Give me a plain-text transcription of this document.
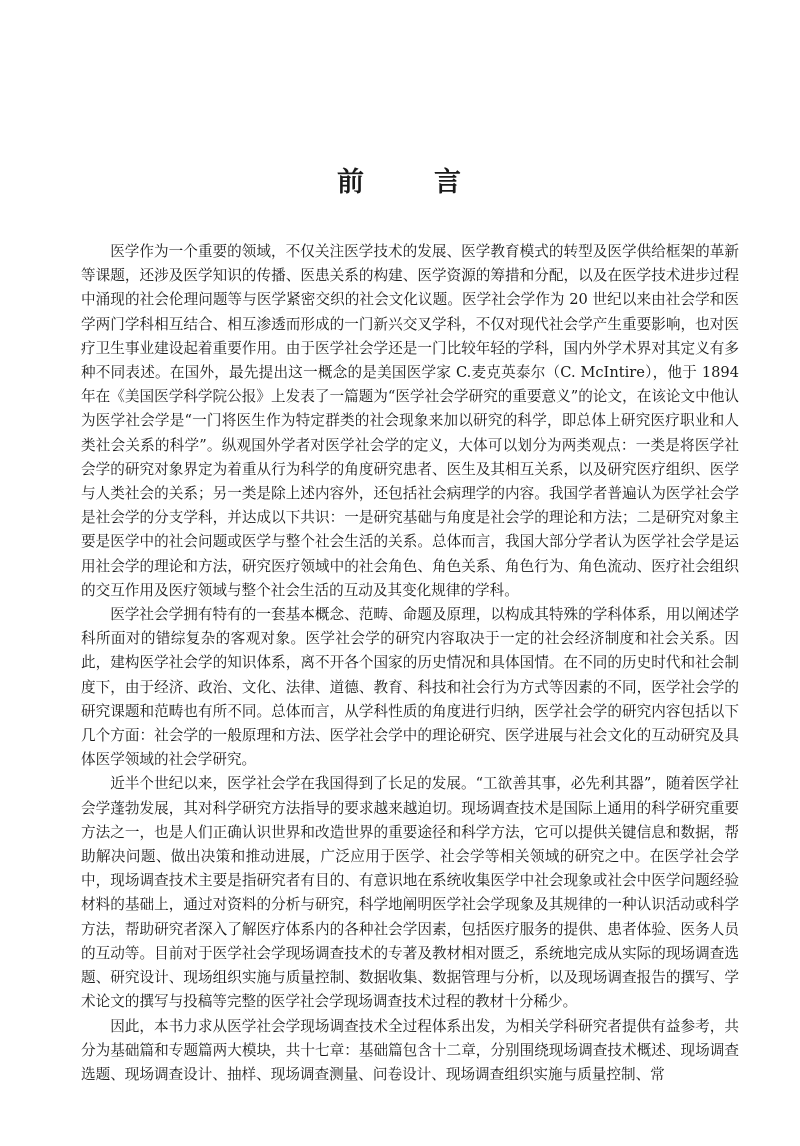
前	言

医学作为一个重要的领域，不仅关注医学技术的发展、医学教育模式的转型及医学供给框架的革新等课题，还涉及医学知识的传播、医患关系的构建、医学资源的筹措和分配，以及在医学技术进步过程中涌现的社会伦理问题等与医学紧密交织的社会文化议题。医学社会学作为 20 世纪以来由社会学和医学两门学科相互结合、相互渗透而形成的一门新兴交叉学科，不仅对现代社会学产生重要影响，也对医疗卫生事业建设起着重要作用。由于医学社会学还是一门比较年轻的学科，国内外学术界对其定义有多种不同表述。在国外，最先提出这一概念的是美国医学家 C.麦克英泰尔（C. McIntire），他于 1894 年在《美国医学科学院公报》上发表了一篇题为“医学社会学研究的重要意义”的论文，在该论文中他认为医学社会学是“一门将医生作为特定群类的社会现象来加以研究的科学，即总体上研究医疗职业和人类社会关系的科学”。纵观国外学者对医学社会学的定义，大体可以划分为两类观点：一类是将医学社会学的研究对象界定为着重从行为科学的角度研究患者、医生及其相互关系，以及研究医疗组织、医学与人类社会的关系；另一类是除上述内容外，还包括社会病理学的内容。我国学者普遍认为医学社会学是社会学的分支学科，并达成以下共识：一是研究基础与角度是社会学的理论和方法；二是研究对象主要是医学中的社会问题或医学与整个社会生活的关系。总体而言，我国大部分学者认为医学社会学是运用社会学的理论和方法，研究医疗领域中的社会角色、角色关系、角色行为、角色流动、医疗社会组织的交互作用及医疗领域与整个社会生活的互动及其变化规律的学科。

医学社会学拥有特有的一套基本概念、范畴、命题及原理，以构成其特殊的学科体系，用以阐述学科所面对的错综复杂的客观对象。医学社会学的研究内容取决于一定的社会经济制度和社会关系。因此，建构医学社会学的知识体系，离不开各个国家的历史情况和具体国情。在不同的历史时代和社会制度下，由于经济、政治、文化、法律、道德、教育、科技和社会行为方式等因素的不同，医学社会学的研究课题和范畴也有所不同。总体而言，从学科性质的角度进行归纳，医学社会学的研究内容包括以下几个方面：社会学的一般原理和方法、医学社会学中的理论研究、医学进展与社会文化的互动研究及具体医学领域的社会学研究。

近半个世纪以来，医学社会学在我国得到了长足的发展。“工欲善其事，必先利其器”，随着医学社会学蓬勃发展，其对科学研究方法指导的要求越来越迫切。现场调查技术是国际上通用的科学研究重要方法之一，也是人们正确认识世界和改造世界的重要途径和科学方法，它可以提供关键信息和数据，帮助解决问题、做出决策和推动进展，广泛应用于医学、社会学等相关领域的研究之中。在医学社会学中，现场调查技术主要是指研究者有目的、有意识地在系统收集医学中社会现象或社会中医学问题经验材料的基础上，通过对资料的分析与研究，科学地阐明医学社会学现象及其规律的一种认识活动或科学方法，帮助研究者深入了解医疗体系内的各种社会学因素，包括医疗服务的提供、患者体验、医务人员的互动等。目前对于医学社会学现场调查技术的专著及教材相对匮乏，系统地完成从实际的现场调查选题、研究设计、现场组织实施与质量控制、数据收集、数据管理与分析，以及现场调查报告的撰写、学术论文的撰写与投稿等完整的医学社会学现场调查技术过程的教材十分稀少。

因此，本书力求从医学社会学现场调查技术全过程体系出发，为相关学科研究者提供有益参考，共分为基础篇和专题篇两大模块，共十七章：基础篇包含十二章，分别围绕现场调查技术概述、现场调查选题、现场调查设计、抽样、现场调查测量、问卷设计、现场调查组织实施与质量控制、常
